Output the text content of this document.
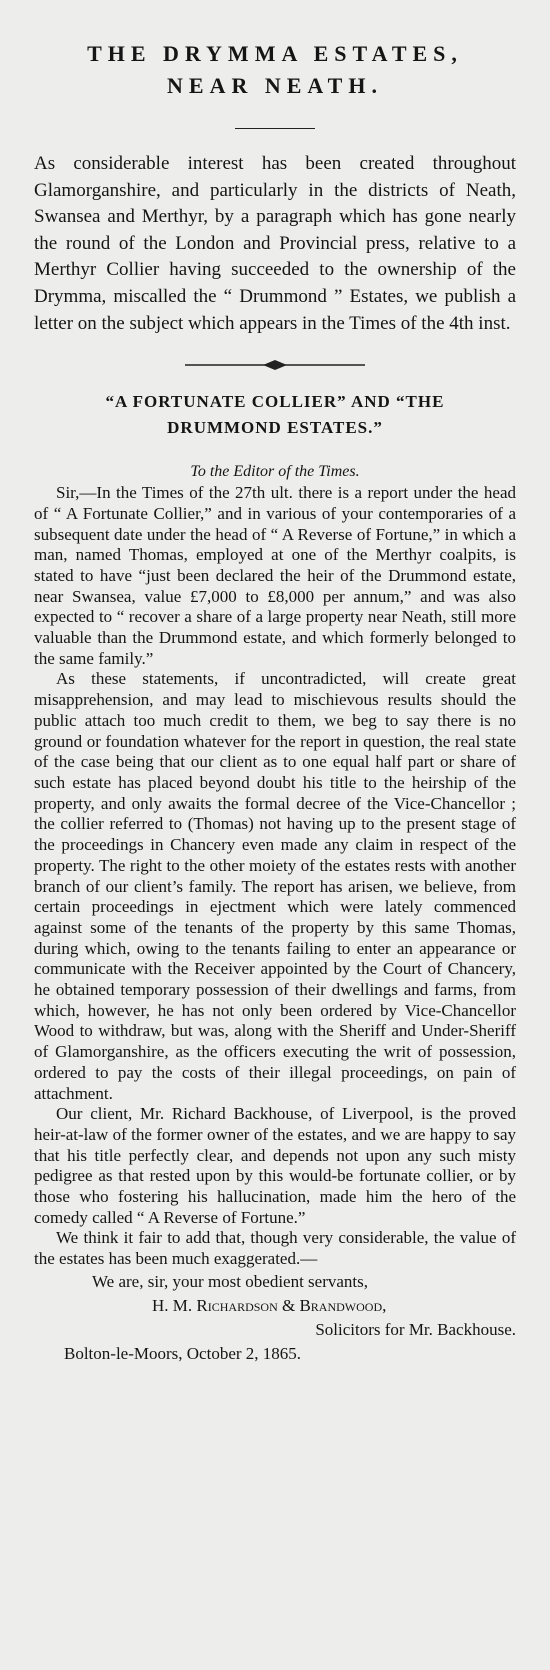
THE DRYMMA ESTATES,
NEAR NEATH.

As considerable interest has been created throughout Glamorganshire, and particularly in the districts of Neath, Swansea and Merthyr, by a paragraph which has gone nearly the round of the London and Provincial press, relative to a Merthyr Collier having succeeded to the ownership of the Drymma, miscalled the “ Drummond ” Estates, we publish a letter on the subject which appears in the Times of the 4th inst.

“A FORTUNATE COLLIER” AND “THE
DRUMMOND ESTATES.”

To the Editor of the Times.

Sir,—In the Times of the 27th ult. there is a report under the head of “ A Fortunate Collier,” and in various of your contemporaries of a subsequent date under the head of “ A Reverse of Fortune,” in which a man, named Thomas, employed at one of the Merthyr coalpits, is stated to have “just been declared the heir of the Drummond estate, near Swansea, value £7,000 to £8,000 per annum,” and was also expected to “ recover a share of a large property near Neath, still more valuable than the Drummond estate, and which formerly belonged to the same family.”

As these statements, if uncontradicted, will create great misapprehension, and may lead to mischievous results should the public attach too much credit to them, we beg to say there is no ground or foundation whatever for the report in question, the real state of the case being that our client as to one equal half part or share of such estate has placed beyond doubt his title to the heirship of the property, and only awaits the formal decree of the Vice-Chancellor ; the collier referred to (Thomas) not having up to the present stage of the proceedings in Chancery even made any claim in respect of the property. The right to the other moiety of the estates rests with another branch of our client’s family. The report has arisen, we believe, from certain proceedings in ejectment which were lately commenced against some of the tenants of the property by this same Thomas, during which, owing to the tenants failing to enter an appearance or communicate with the Receiver appointed by the Court of Chancery, he obtained temporary possession of their dwellings and farms, from which, however, he has not only been ordered by Vice-Chancellor Wood to withdraw, but was, along with the Sheriff and Under-Sheriff of Glamorganshire, as the officers executing the writ of possession, ordered to pay the costs of their illegal proceedings, on pain of attachment.

Our client, Mr. Richard Backhouse, of Liverpool, is the proved heir-at-law of the former owner of the estates, and we are happy to say that his title perfectly clear, and depends not upon any such misty pedigree as that rested upon by this would-be fortunate collier, or by those who fostering his hallucination, made him the hero of the comedy called “ A Reverse of Fortune.”

We think it fair to add that, though very considerable, the value of the estates has been much exaggerated.—

We are, sir, your most obedient servants,
H. M. Richardson & Brandwood,
Solicitors for Mr. Backhouse.
Bolton-le-Moors, October 2, 1865.
